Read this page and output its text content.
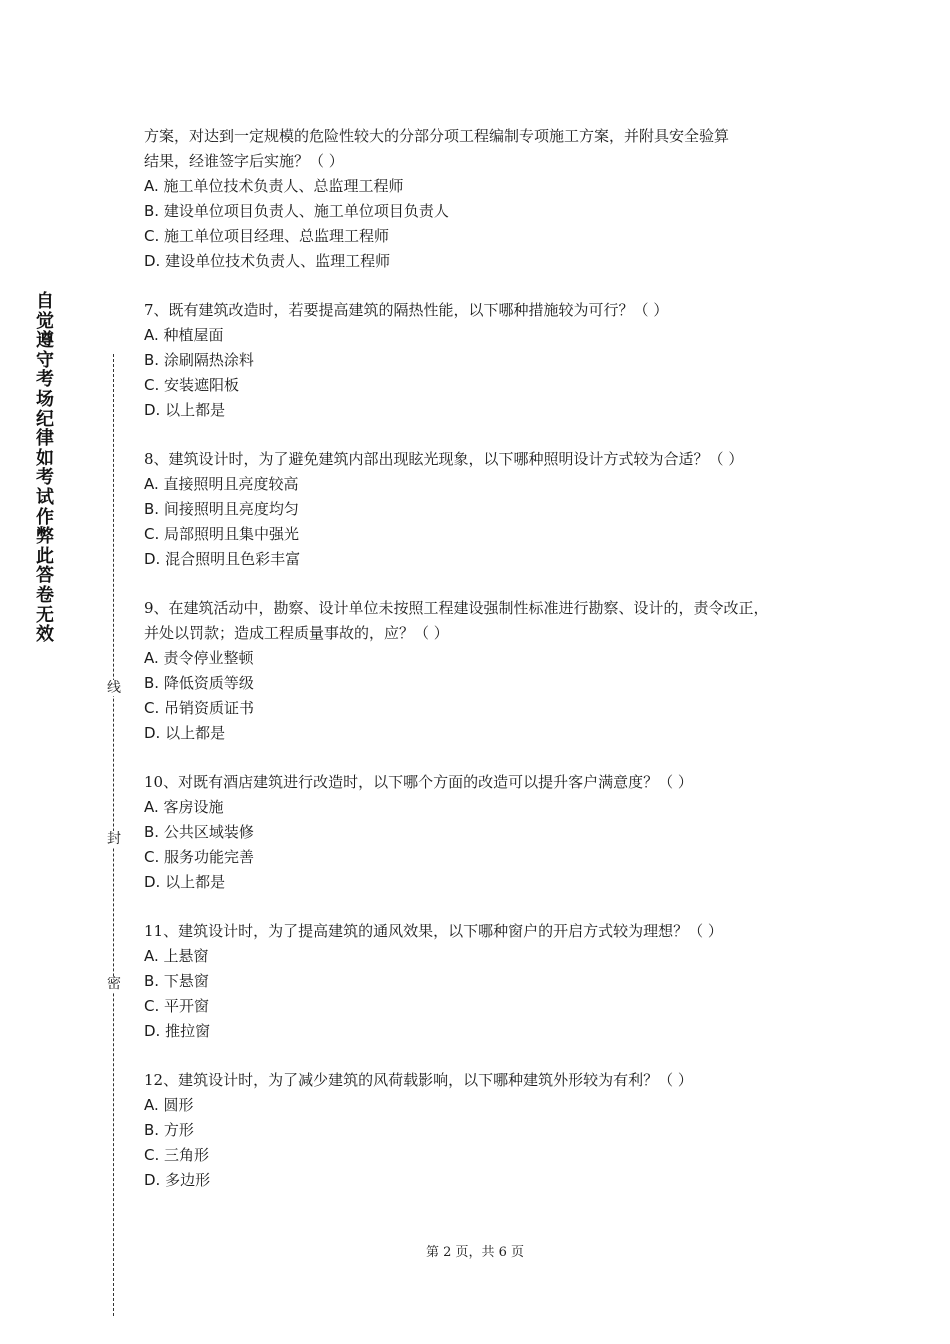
自觉遵守考场纪律如考试作弊此答卷无效
线
封
密

方案，对达到一定规模的危险性较大的分部分项工程编制专项施工方案，并附具安全验算

结果，经谁签字后实施？（ ）

A. 施工单位技术负责人、总监理工程师

B. 建设单位项目负责人、施工单位项目负责人

C. 施工单位项目经理、总监理工程师

D. 建设单位技术负责人、监理工程师

7、既有建筑改造时，若要提高建筑的隔热性能，以下哪种措施较为可行？（ ）

A. 种植屋面

B. 涂刷隔热涂料

C. 安装遮阳板

D. 以上都是

8、建筑设计时，为了避免建筑内部出现眩光现象，以下哪种照明设计方式较为合适？（ ）

A. 直接照明且亮度较高

B. 间接照明且亮度均匀

C. 局部照明且集中强光

D. 混合照明且色彩丰富

9、在建筑活动中，勘察、设计单位未按照工程建设强制性标准进行勘察、设计的，责令改正，

并处以罚款；造成工程质量事故的，应？（ ）

A. 责令停业整顿

B. 降低资质等级

C. 吊销资质证书

D. 以上都是

10、对既有酒店建筑进行改造时，以下哪个方面的改造可以提升客户满意度？（ ）

A. 客房设施

B. 公共区域装修

C. 服务功能完善

D. 以上都是

11、建筑设计时，为了提高建筑的通风效果，以下哪种窗户的开启方式较为理想？（ ）

A. 上悬窗

B. 下悬窗

C. 平开窗

D. 推拉窗

12、建筑设计时，为了减少建筑的风荷载影响，以下哪种建筑外形较为有利？（ ）

A. 圆形

B. 方形

C. 三角形

D. 多边形

第 2 页，共 6 页
